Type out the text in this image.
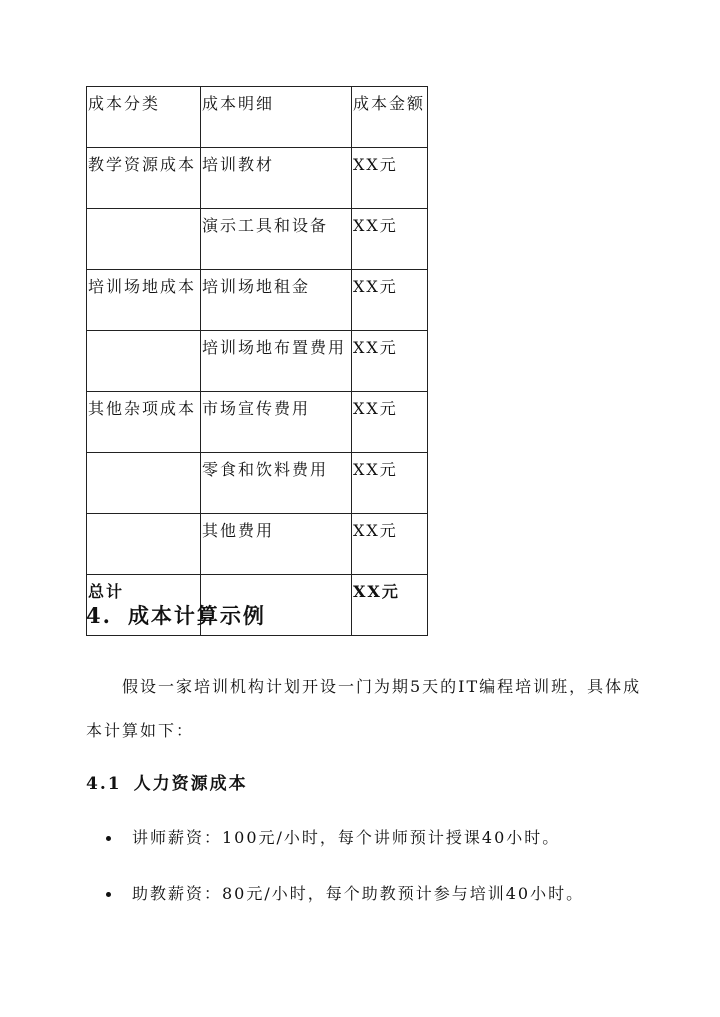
成本分类	成本明细	成本金额
教学资源成本	培训教材	XX元
	演示工具和设备	XX元
培训场地成本	培训场地租金	XX元
	培训场地布置费用	XX元
其他杂项成本	市场宣传费用	XX元
	零食和饮料费用	XX元
	其他费用	XX元
总计		XX元
4. 成本计算示例

假设一家培训机构计划开设一门为期5天的IT编程培训班，具体成本计算如下：

4.1 人力资源成本
讲师薪资：100元/小时，每个讲师预计授课40小时。
助教薪资：80元/小时，每个助教预计参与培训40小时。
